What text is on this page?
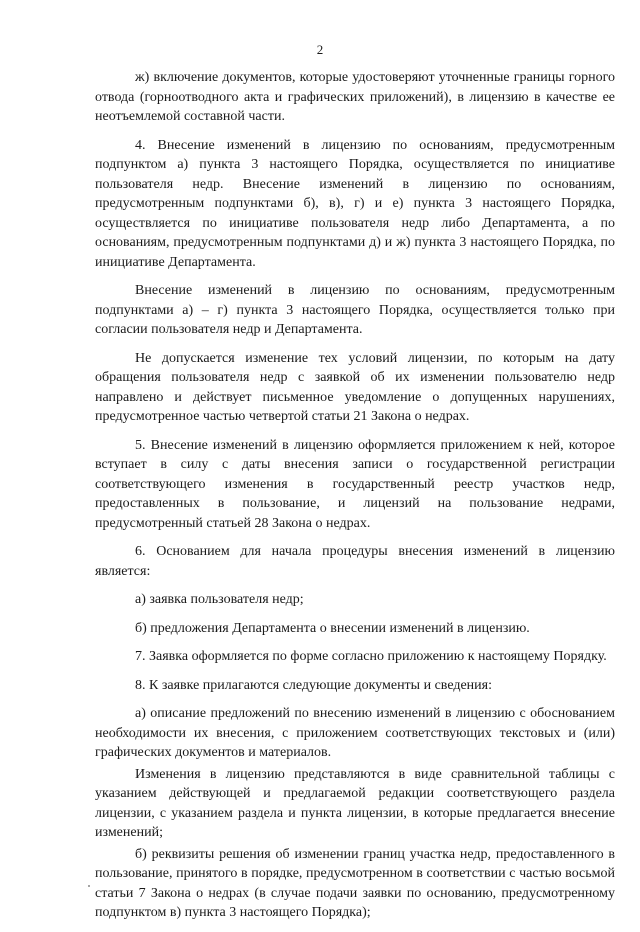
2

ж) включение документов, которые удостоверяют уточненные границы горного отвода (горноотводного акта и графических приложений), в лицензию в качестве ее неотъемлемой составной части.

4. Внесение изменений в лицензию по основаниям, предусмотренным подпунктом а) пункта 3 настоящего Порядка, осуществляется по инициативе пользователя недр. Внесение изменений в лицензию по основаниям, предусмотренным подпунктами б), в), г) и е) пункта 3 настоящего Порядка, осуществляется по инициативе пользователя недр либо Департамента, а по основаниям, предусмотренным подпунктами д) и ж) пункта 3 настоящего Порядка, по инициативе Департамента.

Внесение изменений в лицензию по основаниям, предусмотренным подпунктами а) – г) пункта 3 настоящего Порядка, осуществляется только при согласии пользователя недр и Департамента.

Не допускается изменение тех условий лицензии, по которым на дату обращения пользователя недр с заявкой об их изменении пользователю недр направлено и действует письменное уведомление о допущенных нарушениях, предусмотренное частью четвертой статьи 21 Закона о недрах.

5. Внесение изменений в лицензию оформляется приложением к ней, которое вступает в силу с даты внесения записи о государственной регистрации соответствующего изменения в государственный реестр участков недр, предоставленных в пользование, и лицензий на пользование недрами, предусмотренный статьей 28 Закона о недрах.

6. Основанием для начала процедуры внесения изменений в лицензию является:

а) заявка пользователя недр;

б) предложения Департамента о внесении изменений в лицензию.

7. Заявка оформляется по форме согласно приложению к настоящему Порядку.

8. К заявке прилагаются следующие документы и сведения:

а) описание предложений по внесению изменений в лицензию с обоснованием необходимости их внесения, с приложением соответствующих текстовых и (или) графических документов и материалов.

Изменения в лицензию представляются в виде сравнительной таблицы с указанием действующей и предлагаемой редакции соответствующего раздела лицензии, с указанием раздела и пункта лицензии, в которые предлагается внесение изменений;

б) реквизиты решения об изменении границ участка недр, предоставленного в пользование, принятого в порядке, предусмотренном в соответствии с частью восьмой статьи 7 Закона о недрах (в случае подачи заявки по основанию, предусмотренному подпунктом в) пункта 3 настоящего Порядка);
